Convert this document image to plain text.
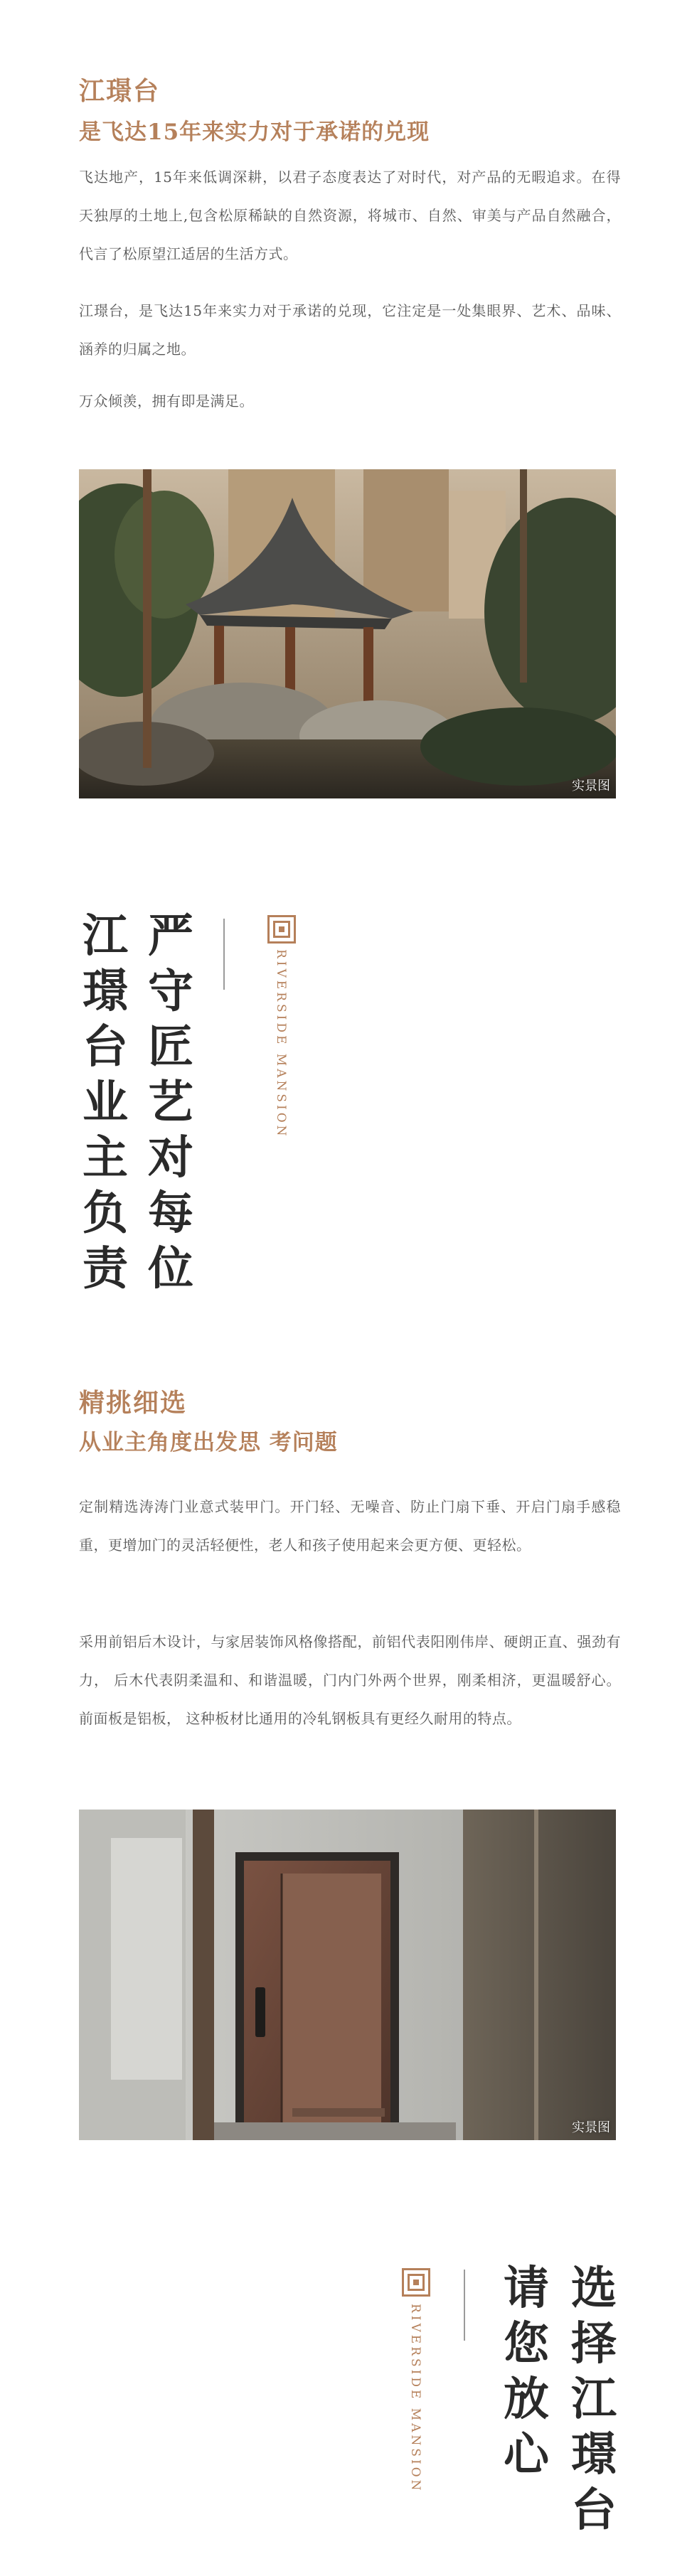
江璟台
是飞达15年来实力对于承诺的兑现

飞达地产，15年来低调深耕，以君子态度表达了对时代，对产品的无暇追求。在得天独厚的土地上,包含松原稀缺的自然资源，将城市、自然、审美与产品自然融合，代言了松原望江适居的生活方式。

江璟台，是飞达15年来实力对于承诺的兑现，它注定是一处集眼界、艺术、品味、涵养的归属之地。

万众倾羡，拥有即是满足。

实景图
江
璟
台
业
主
负
责
严
守
匠
艺
对
每
位
RIVERSIDE MANSION
精挑细选
从业主角度出发思 考问题

定制精选涛涛门业意式装甲门。开门轻、无噪音、防止门扇下垂、开启门扇手感稳重，更增加门的灵活轻便性，老人和孩子使用起来会更方便、更轻松。

采用前铝后木设计，与家居装饰风格像搭配，前铝代表阳刚伟岸、硬朗正直、强劲有力， 后木代表阴柔温和、和谐温暖，门内门外两个世界，刚柔相济，更温暖舒心。前面板是铝板， 这种板材比通用的冷轧钢板具有更经久耐用的特点。

实景图
RIVERSIDE MANSION
请
您
放
心
选
择
江
璟
台
